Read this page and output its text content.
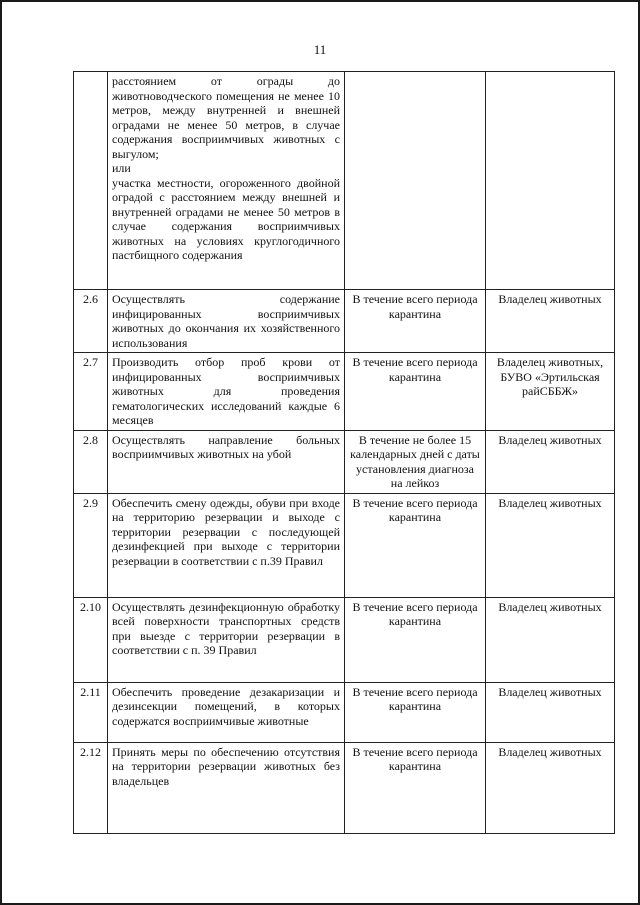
11
	расстоянием от ограды до животноводческого помещения не менее 10 метров, между внутренней и внешней оградами не менее 50 метров, в случае содержания восприимчивых животных с выгулом;
или
участка местности, огороженного двойной оградой с расстоянием между внешней и внутренней оградами не менее 50 метров в случае содержания восприимчивых животных на условиях круглогодичного пастбищного содержания		
2.6	Осуществлять содержание инфицированных восприимчивых животных до окончания их хозяйственного использования	В течение всего периода карантина	Владелец животных
2.7	Производить отбор проб крови от инфицированных восприимчивых животных для проведения гематологических исследований каждые 6 месяцев	В течение всего периода карантина	Владелец животных, БУВО «Эртильская райСББЖ»
2.8	Осуществлять направление больных восприимчивых животных на убой	В течение не более 15 календарных дней с даты установления диагноза на лейкоз	Владелец животных
2.9	Обеспечить смену одежды, обуви при входе на территорию резервации и выходе с территории резервации с последующей дезинфекцией при выходе с территории резервации в соответствии с п.39 Правил	В течение всего периода карантина	Владелец животных
2.10	Осуществлять дезинфекционную обработку всей поверхности транспортных средств при выезде с территории резервации в соответствии с п. 39 Правил	В течение всего периода карантина	Владелец животных
2.11	Обеспечить проведение дезакаризации и дезинсекции помещений, в которых содержатся восприимчивые животные	В течение всего периода карантина	Владелец животных
2.12	Принять меры по обеспечению отсутствия на территории резервации животных без владельцев	В течение всего периода карантина	Владелец животных
